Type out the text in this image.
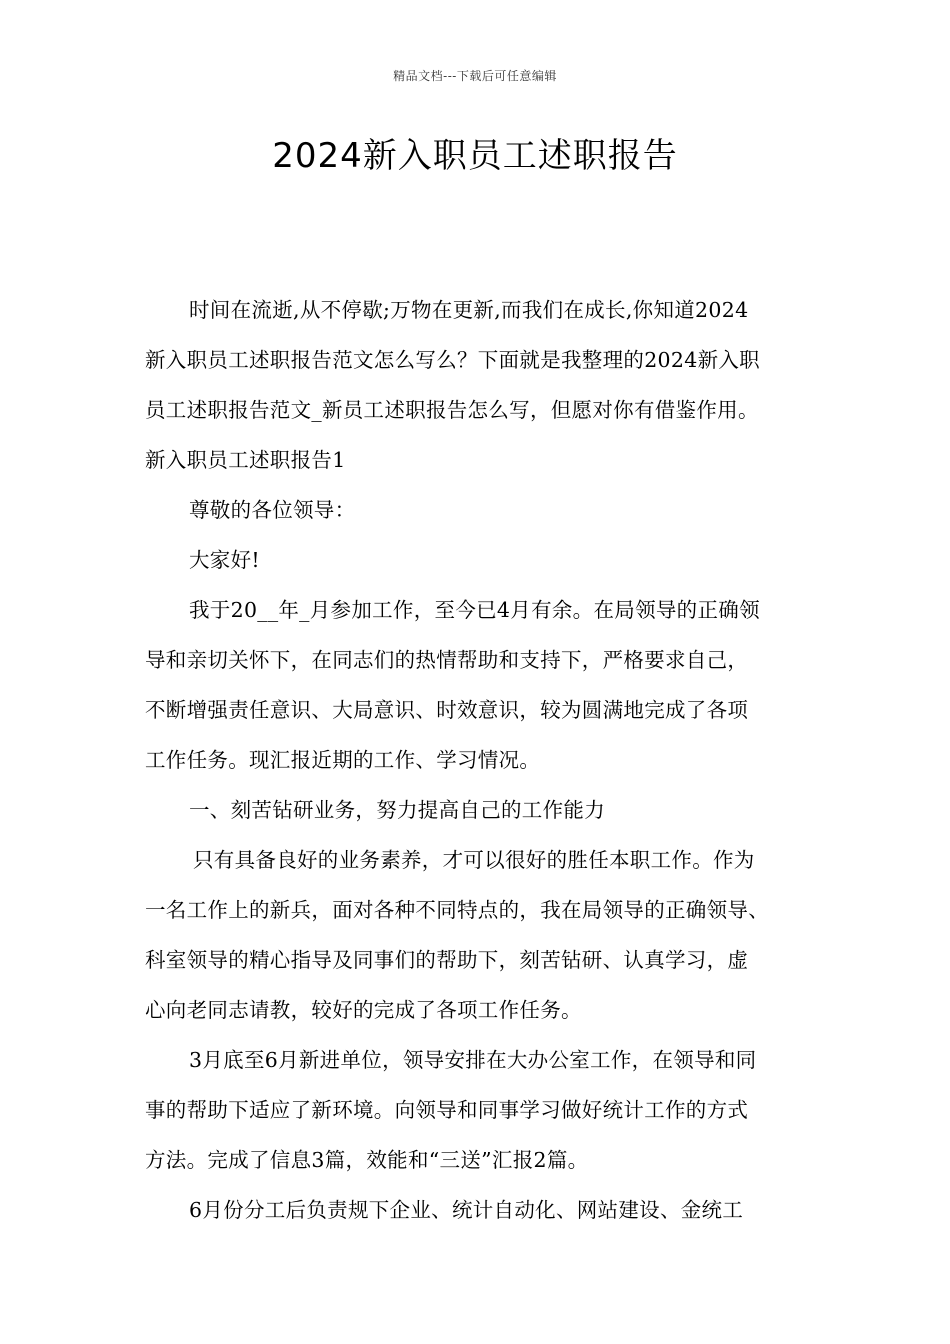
精品文档---下载后可任意编辑
2024新入职员工述职报告
时间在流逝,从不停歇;万物在更新,而我们在成长,你知道2024
新入职员工述职报告范文怎么写么？下面就是我整理的2024新入职
员工述职报告范文_新员工述职报告怎么写，但愿对你有借鉴作用。
新入职员工述职报告1
尊敬的各位领导：
大家好!
我于20__年_月参加工作，至今已4月有余。在局领导的正确领
导和亲切关怀下，在同志们的热情帮助和支持下，严格要求自己，
不断增强责任意识、大局意识、时效意识，较为圆满地完成了各项
工作任务。现汇报近期的工作、学习情况。
一、刻苦钻研业务，努力提高自己的工作能力
只有具备良好的业务素养，才可以很好的胜任本职工作。作为
一名工作上的新兵，面对各种不同特点的，我在局领导的正确领导、
科室领导的精心指导及同事们的帮助下，刻苦钻研、认真学习，虚
心向老同志请教，较好的完成了各项工作任务。
3月底至6月新进单位，领导安排在大办公室工作，在领导和同
事的帮助下适应了新环境。向领导和同事学习做好统计工作的方式
方法。完成了信息3篇，效能和“三送”汇报2篇。
6月份分工后负责规下企业、统计自动化、网站建设、金统工
